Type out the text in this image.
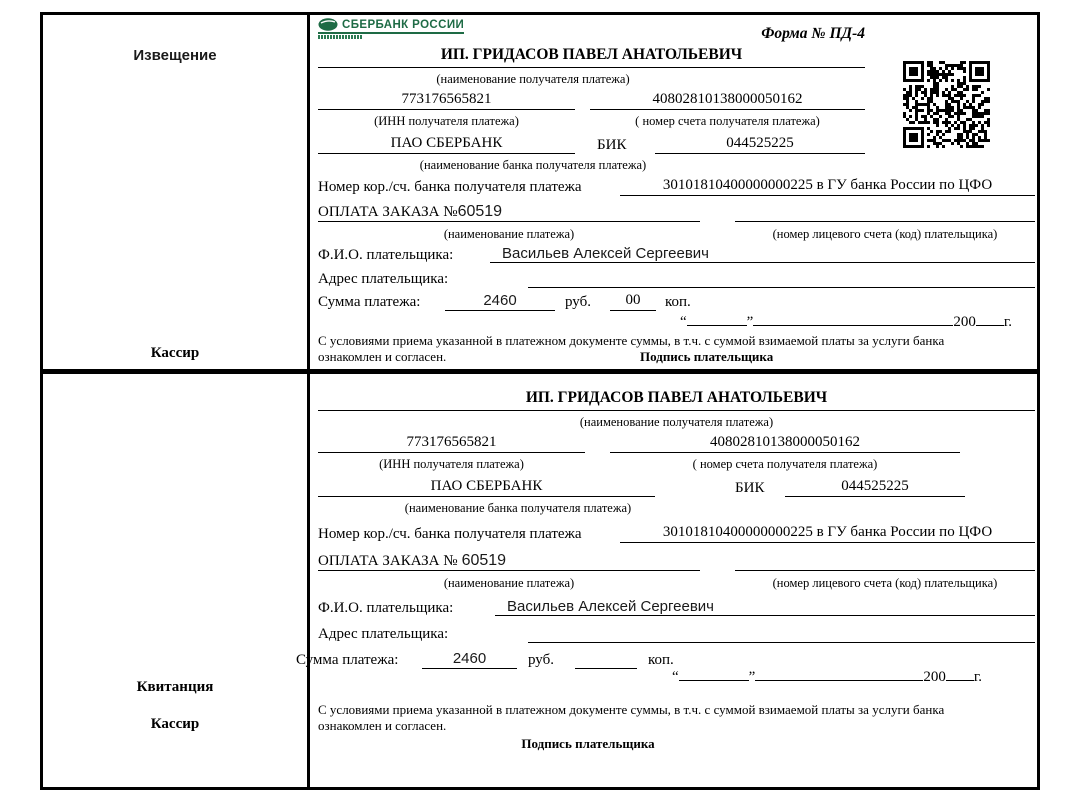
Извещение
Кассир
СБЕРБАНК РОССИИ
Форма № ПД-4
ИП. ГРИДАСОВ ПАВЕЛ АНАТОЛЬЕВИЧ
(наименование получателя платежа)
773176565821	40802810138000050162
(ИНН получателя платежа)	( номер счета получателя платежа)
ПАО СБЕРБАНК	БИК	044525225
(наименование банка получателя платежа)
Номер кор./сч. банка получателя платежа	30101810400000000225 в ГУ банка России по ЦФО
ОПЛАТА ЗАКАЗА №60519
(наименование платежа)	(номер лицевого счета (код) плательщика)
Ф.И.О. плательщика:	Васильев Алексей Сергеевич
Адрес плательщика:
Сумма платежа:	2460	руб.	00	коп.
“	”	200 г.
С условиями приема указанной в платежном документе суммы, в т.ч. с суммой взимаемой платы за услуги банка
ознакомлен и согласен.	Подпись плательщика
Квитанция
Кассир
ИП. ГРИДАСОВ ПАВЕЛ АНАТОЛЬЕВИЧ
(наименование получателя платежа)
773176565821	40802810138000050162
(ИНН получателя платежа)	( номер счета получателя платежа)
ПАО СБЕРБАНК	БИК	044525225
(наименование банка получателя платежа)
Номер кор./сч. банка получателя платежа	30101810400000000225 в ГУ банка России по ЦФО
ОПЛАТА ЗАКАЗА № 60519
(наименование платежа)	(номер лицевого счета (код) плательщика)
Ф.И.О. плательщика:	Васильев Алексей Сергеевич
Адрес плательщика:
Сумма платежа:	2460	руб.	коп.
“	”	200 г.
С условиями приема указанной в платежном документе суммы, в т.ч. с суммой взимаемой платы за услуги банка
ознакомлен и согласен.
Подпись плательщика
